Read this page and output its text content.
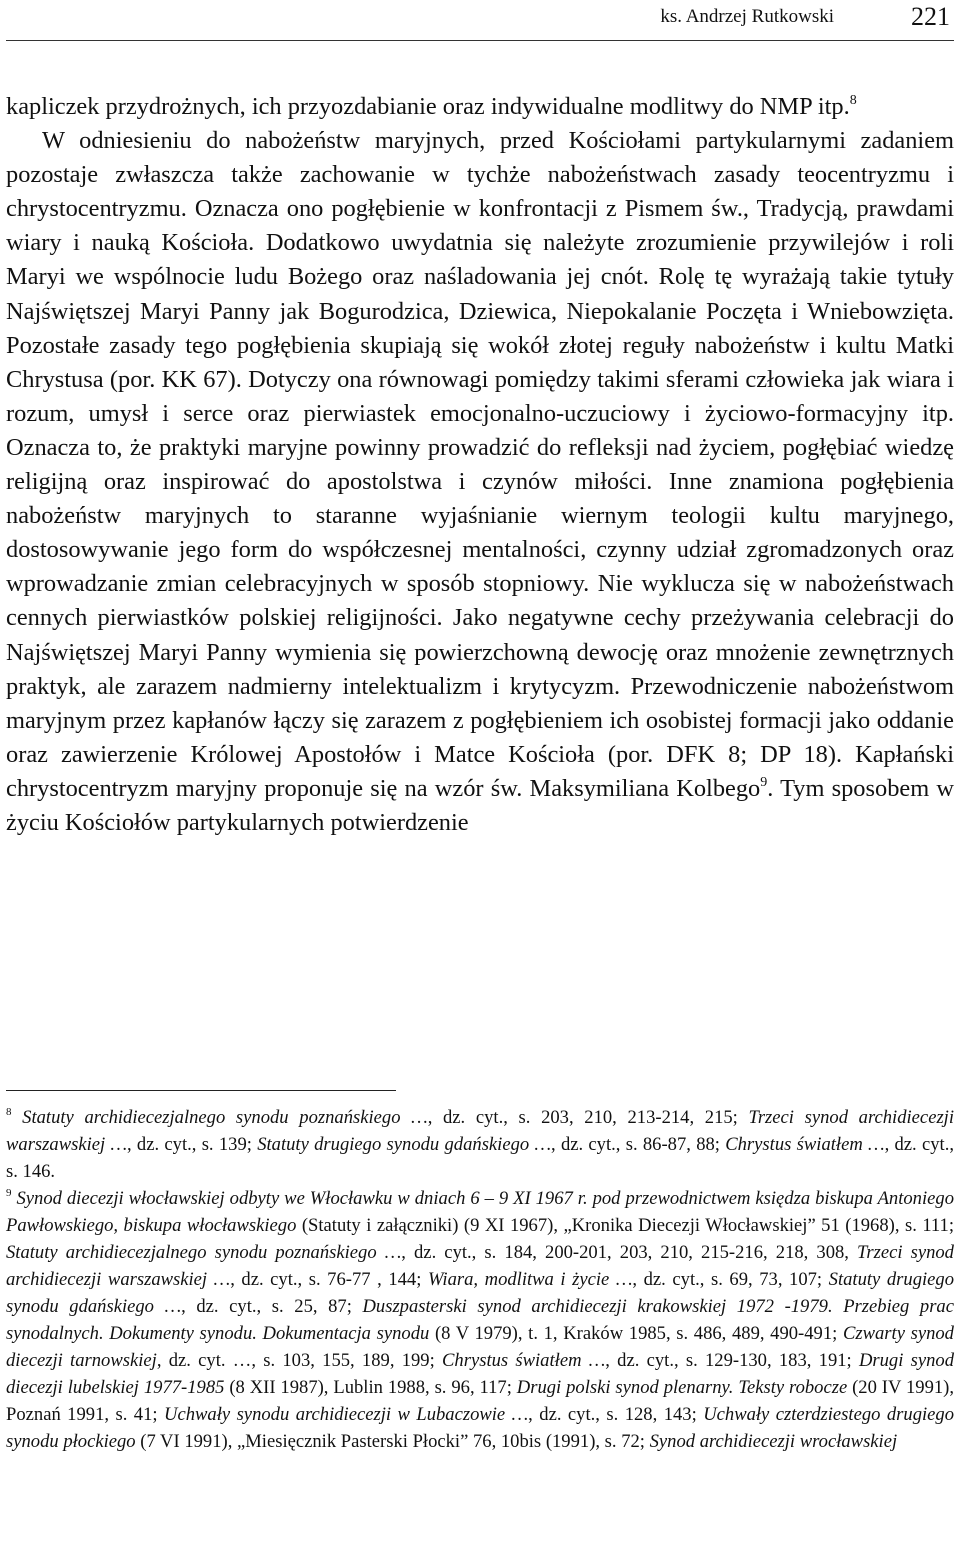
ks. Andrzej Rutkowski	221

kapliczek przydrożnych, ich przyozdabianie oraz indywidualne modlitwy do NMP itp.$^8$

W odniesieniu do nabożeństw maryjnych, przed Kościołami partykularnymi zadaniem pozostaje zwłaszcza także zachowanie w tychże nabożeństwach zasady teocentryzmu i chrystocentryzmu. Oznacza ono pogłębienie w konfrontacji z Pismem św., Tradycją, prawdami wiary i nauką Kościoła. Dodatkowo uwydatnia się należyte zrozumienie przywilejów i roli Maryi we wspólnocie ludu Bożego oraz naśladowania jej cnót. Rolę tę wyrażają takie tytuły Najświętszej Maryi Panny jak Bogurodzica, Dziewica, Niepokalanie Poczęta i Wniebowzięta. Pozostałe zasady tego pogłębienia skupiają się wokół złotej reguły nabożeństw i kultu Matki Chrystusa (por. KK 67). Dotyczy ona równowagi pomiędzy takimi sferami człowieka jak wiara i rozum, umysł i serce oraz pierwiastek emocjonalno-uczuciowy i życiowo-formacyjny itp. Oznacza to, że praktyki maryjne powinny prowadzić do refleksji nad życiem, pogłębiać wiedzę religijną oraz inspirować do apostolstwa i czynów miłości. Inne znamiona pogłębienia nabożeństw maryjnych to staranne wyjaśnianie wiernym teologii kultu maryjnego, dostosowywanie jego form do współczesnej mentalności, czynny udział zgromadzonych oraz wprowadzanie zmian celebracyjnych w sposób stopniowy. Nie wyklucza się w nabożeństwach cennych pierwiastków polskiej religijności. Jako negatywne cechy przeżywania celebracji do Najświętszej Maryi Panny wymienia się powierzchowną dewocję oraz mnożenie zewnętrznych praktyk, ale zarazem nadmierny intelektualizm i krytycyzm. Przewodniczenie nabożeństwom maryjnym przez kapłanów łączy się zarazem z pogłębieniem ich osobistej formacji jako oddanie oraz zawierzenie Królowej Apostołów i Matce Kościoła (por. DFK 8; DP 18). Kapłański chrystocentryzm maryjny proponuje się na wzór św. Maksymiliana Kolbego$^9$. Tym sposobem w życiu Kościołów partykularnych potwierdzenie

$^8$ Statuty archidiecezjalnego synodu poznańskiego …, dz. cyt., s. 203, 210, 213-214, 215; Trzeci synod archidiecezji warszawskiej …, dz. cyt., s. 139; Statuty drugiego synodu gdańskiego …, dz. cyt., s. 86-87, 88; Chrystus światłem …, dz. cyt., s. 146.

$^9$ Synod diecezji włocławskiej odbyty we Włocławku w dniach 6 – 9 XI 1967 r. pod przewodnictwem księdza biskupa Antoniego Pawłowskiego, biskupa włocławskiego (Statuty i załączniki) (9 XI 1967), „Kronika Diecezji Włocławskiej” 51 (1968), s. 111; Statuty archidiecezjalnego synodu poznańskiego …, dz. cyt., s. 184, 200-201, 203, 210, 215-216, 218, 308, Trzeci synod archidiecezji warszawskiej …, dz. cyt., s. 76-77 , 144; Wiara, modlitwa i życie …, dz. cyt., s. 69, 73, 107; Statuty drugiego synodu gdańskiego …, dz. cyt., s. 25, 87; Duszpasterski synod archidiecezji krakowskiej 1972 -1979. Przebieg prac synodalnych. Dokumenty synodu. Dokumentacja synodu (8 V 1979), t. 1, Kraków 1985, s. 486, 489, 490-491; Czwarty synod diecezji tarnowskiej, dz. cyt. …, s. 103, 155, 189, 199; Chrystus światłem …, dz. cyt., s. 129-130, 183, 191; Drugi synod diecezji lubelskiej 1977-1985 (8 XII 1987), Lublin 1988, s. 96, 117; Drugi polski synod plenarny. Teksty robocze (20 IV 1991), Poznań 1991, s. 41; Uchwały synodu archidiecezji w Lubaczowie …, dz. cyt., s. 128, 143; Uchwały czterdziestego drugiego synodu płockiego (7 VI 1991), „Miesięcznik Pasterski Płocki” 76, 10bis (1991), s. 72; Synod archidiecezji wrocławskiej
